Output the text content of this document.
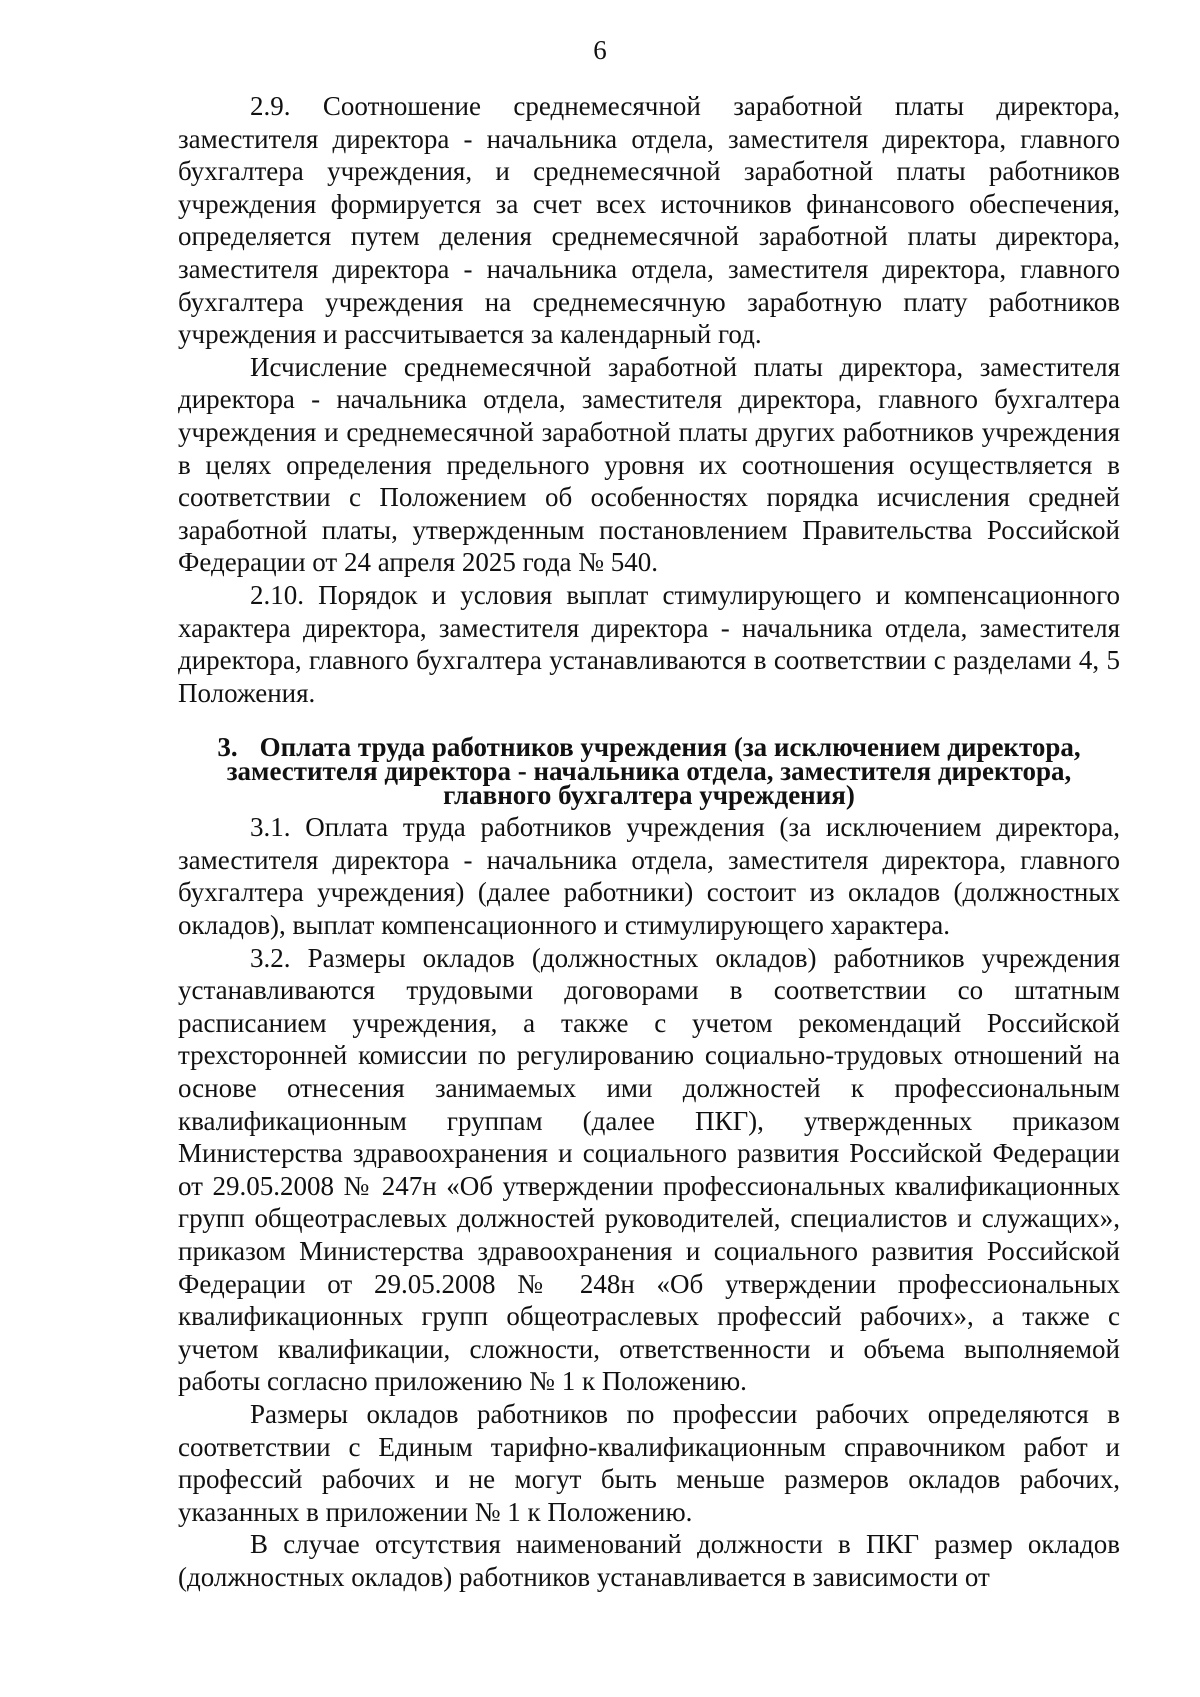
6

2.9. Соотношение среднемесячной заработной платы директора, заместителя директора - начальника отдела, заместителя директора, главного бухгалтера учреждения, и среднемесячной заработной платы работников учреждения формируется за счет всех источников финансового обеспечения, определяется путем деления среднемесячной заработной платы директора, заместителя директора - начальника отдела, заместителя директора, главного бухгалтера учреждения на среднемесячную заработную плату работников учреждения и рассчитывается за календарный год.

Исчисление среднемесячной заработной платы директора, заместителя директора - начальника отдела, заместителя директора, главного бухгалтера учреждения и среднемесячной заработной платы других работников учреждения в целях определения предельного уровня их соотношения осуществляется в соответствии с Положением об особенностях порядка исчисления средней заработной платы, утвержденным постановлением Правительства Российской Федерации от 24 апреля 2025 года № 540.

2.10. Порядок и условия выплат стимулирующего и компенсационного характера директора, заместителя директора - начальника отдела, заместителя директора, главного бухгалтера устанавливаются в соответствии с разделами 4, 5 Положения.

3. Оплата труда работников учреждения (за исключением директора, заместителя директора - начальника отдела, заместителя директора, главного бухгалтера учреждения)

3.1. Оплата труда работников учреждения (за исключением директора, заместителя директора - начальника отдела, заместителя директора, главного бухгалтера учреждения) (далее работники) состоит из окладов (должностных окладов), выплат компенсационного и стимулирующего характера.

3.2. Размеры окладов (должностных окладов) работников учреждения устанавливаются трудовыми договорами в соответствии со штатным расписанием учреждения, а также с учетом рекомендаций Российской трехсторонней комиссии по регулированию социально-трудовых отношений на основе отнесения занимаемых ими должностей к профессиональным квалификационным группам (далее ПКГ), утвержденных приказом Министерства здравоохранения и социального развития Российской Федерации от 29.05.2008 № 247н «Об утверждении профессиональных квалификационных групп общеотраслевых должностей руководителей, специалистов и служащих», приказом Министерства здравоохранения и социального развития Российской Федерации от 29.05.2008 № 248н «Об утверждении профессиональных квалификационных групп общеотраслевых профессий рабочих», а также с учетом квалификации, сложности, ответственности и объема выполняемой работы согласно приложению № 1 к Положению.

Размеры окладов работников по профессии рабочих определяются в соответствии с Единым тарифно-квалификационным справочником работ и профессий рабочих и не могут быть меньше размеров окладов рабочих, указанных в приложении № 1 к Положению.

В случае отсутствия наименований должности в ПКГ размер окладов (должностных окладов) работников устанавливается в зависимости от
